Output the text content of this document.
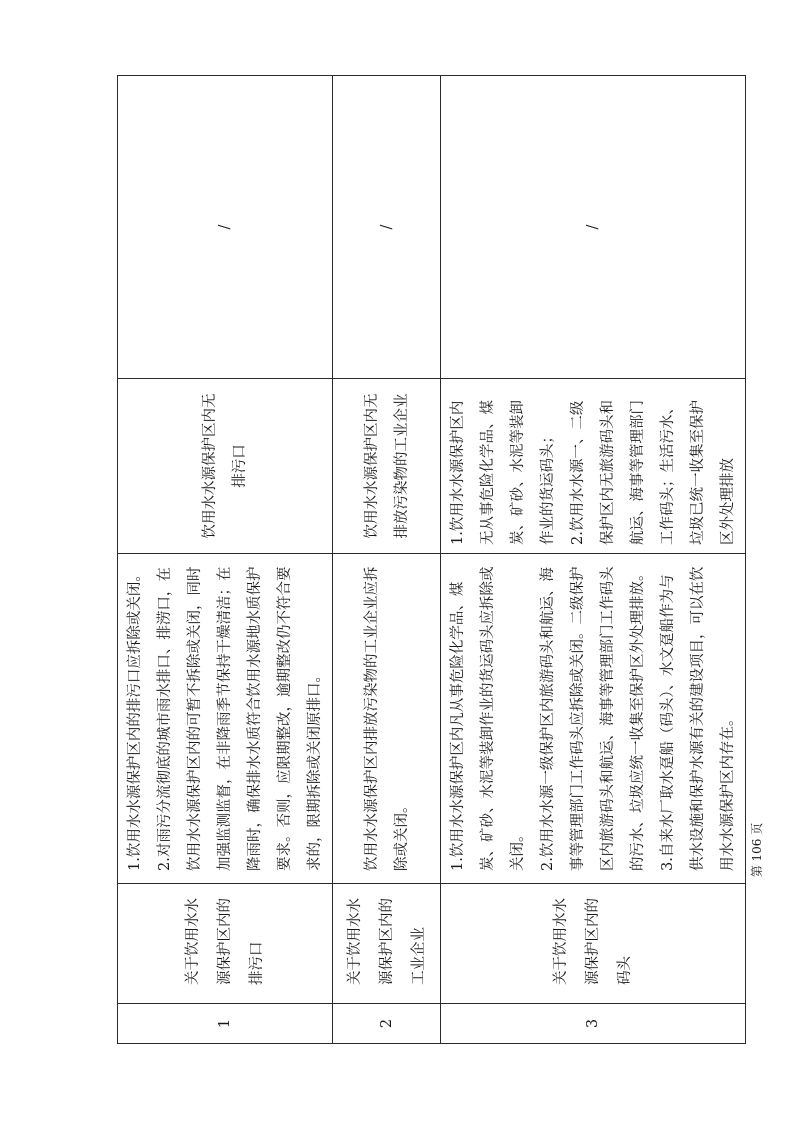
1	关于饮用水水源保护区内的排污口	1.饮用水水源保护区内的排污口应拆除或关闭。 2.对雨污分流彻底的城市雨水排口、排涝口，在饮用水水源保护区内的可暂不拆除或关闭，同时加强监测监督，在非降雨季节保持干燥清洁；在降雨时，确保排水水质符合饮用水源地水质保护要求。否则，应限期整改，逾期整改仍不符合要求的，限期拆除或关闭原排口。	饮用水水源保护区内无排污口	/
2	关于饮用水水源保护区内的工业企业	饮用水水源保护区内排放污染物的工业企业应拆除或关闭。	饮用水水源保护区内无排放污染物的工业企业	/
3	关于饮用水水源保护区内的码头	1.饮用水水源保护区内凡从事危险化学品、煤炭、矿砂、水泥等装卸作业的货运码头应拆除或关闭。 2.饮用水水源一级保护区内旅游码头和航运、海事等管理部门工作码头应拆除或关闭。二级保护区内旅游码头和航运、海事等管理部门工作码头的污水、垃圾应统一收集至保护区外处理排放。 3.自来水厂取水趸船（码头）、水文趸船作为与供水设施和保护水源有关的建设项目，可以在饮用水水源保护区内存在。	1.饮用水水源保护区内无从事危险化学品、煤炭、矿砂、水泥等装卸作业的货运码头； 2.饮用水水源一、二级保护区内无旅游码头和航运、海事等管理部门工作码头；生活污水、垃圾已统一收集至保护区外处理排放	/
第 106 页
